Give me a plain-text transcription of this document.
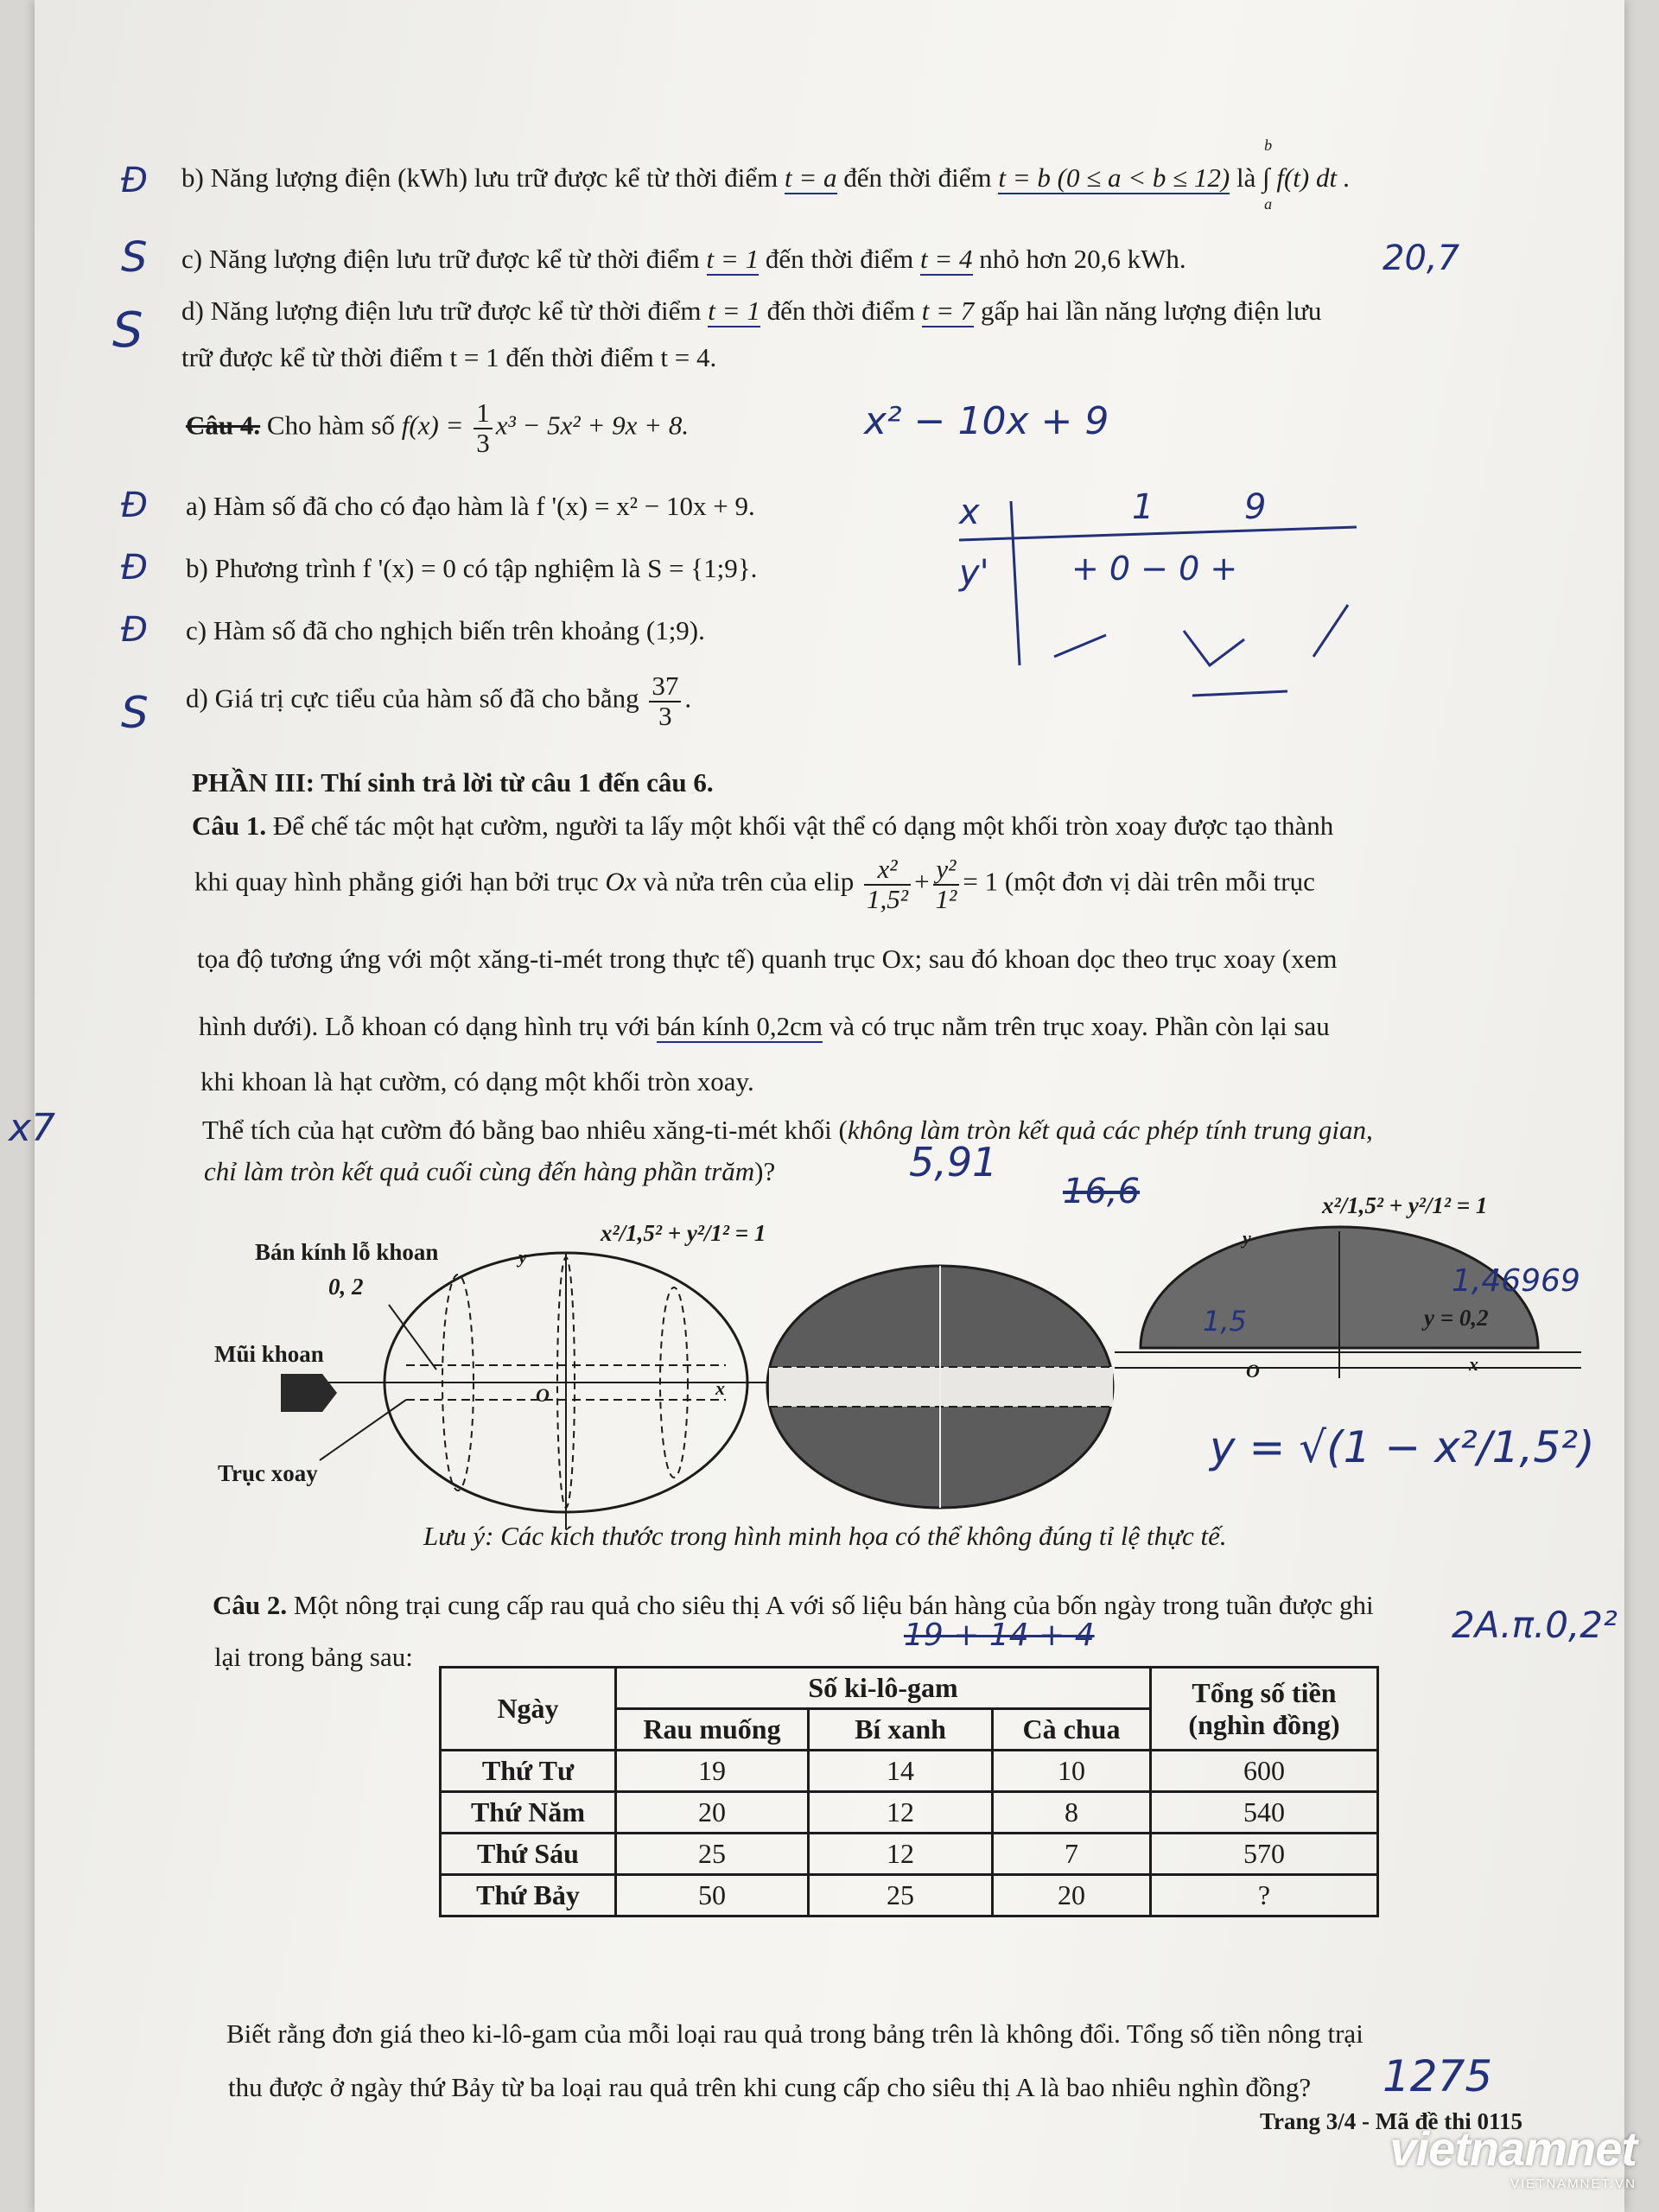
b) Năng lượng điện (kWh) lưu trữ được kể từ thời điểm t = a đến thời điểm t = b (0 ≤ a < b ≤ 12) là ∫ f(t) dt .
b
a
c) Năng lượng điện lưu trữ được kể từ thời điểm t = 1 đến thời điểm t = 4 nhỏ hơn 20,6 kWh.
d) Năng lượng điện lưu trữ được kể từ thời điểm t = 1 đến thời điểm t = 7 gấp hai lần năng lượng điện lưu
trữ được kể từ thời điểm t = 1 đến thời điểm t = 4.
Câu 4. Cho hàm số $f(x) = \frac{1}{3} x^3 - 5x^2 + 9x + 8$.
a) Hàm số đã cho có đạo hàm là f '(x) = x² − 10x + 9.
b) Phương trình f '(x) = 0 có tập nghiệm là S = {1;9}.
c) Hàm số đã cho nghịch biến trên khoảng (1;9).
d) Giá trị cực tiểu của hàm số đã cho bằng $\frac{37}{3}$ .
PHẦN III: Thí sinh trả lời từ câu 1 đến câu 6.
Câu 1. Để chế tác một hạt cườm, người ta lấy một khối vật thể có dạng một khối tròn xoay được tạo thành
khi quay hình phẳng giới hạn bởi trục Ox và nửa trên của elip $\frac{\text{x²}}{\text{1,5²}} + \frac{\text{y²}}{\text{1²}} = 1$ (một đơn vị dài trên mỗi trục
tọa độ tương ứng với một xăng-ti-mét trong thực tế) quanh trục Ox; sau đó khoan dọc theo trục xoay (xem
hình dưới). Lỗ khoan có dạng hình trụ với bán kính 0,2cm và có trục nằm trên trục xoay. Phần còn lại sau
khi khoan là hạt cườm, có dạng một khối tròn xoay.
Thể tích của hạt cườm đó bằng bao nhiêu xăng-ti-mét khối (không làm tròn kết quả các phép tính trung gian,
chỉ làm tròn kết quả cuối cùng đến hàng phần trăm)?
Bán kính lỗ khoan
0, 2
Mũi khoan
Trục xoay
x²/1,5² + y²/1² = 1
x²/1,5² + y²/1² = 1
y = 0,2
y
x
O
y
x
O
Lưu ý: Các kích thước trong hình minh họa có thể không đúng tỉ lệ thực tế.
Câu 2. Một nông trại cung cấp rau quả cho siêu thị A với số liệu bán hàng của bốn ngày trong tuần được ghi
lại trong bảng sau:
Ngày	Số ki-lô-gam			Tổng số tiền (nghìn đồng)
	Rau muống	Bí xanh	Cà chua	
Thứ Tư	19	14	10	600
Thứ Năm	20	12	8	540
Thứ Sáu	25	12	7	570
Thứ Bảy	50	25	20	?
Biết rằng đơn giá theo ki-lô-gam của mỗi loại rau quả trong bảng trên là không đổi. Tổng số tiền nông trại
thu được ở ngày thứ Bảy từ ba loại rau quả trên khi cung cấp cho siêu thị A là bao nhiêu nghìn đồng?
Trang 3/4 - Mã đề thi 0115
Đ
S
S
20,7
x² − 10x + 9
Đ
Đ
Đ
S
x	1	9
y'	+ 0 − 0 +
5,91
16,6
1,46969
1,5
y = √(1 − x²/1,5²)
x7
2A.π.0,2²
19 + 14 + 4
1275
vietnamnet
VIETNAMNET.VN
